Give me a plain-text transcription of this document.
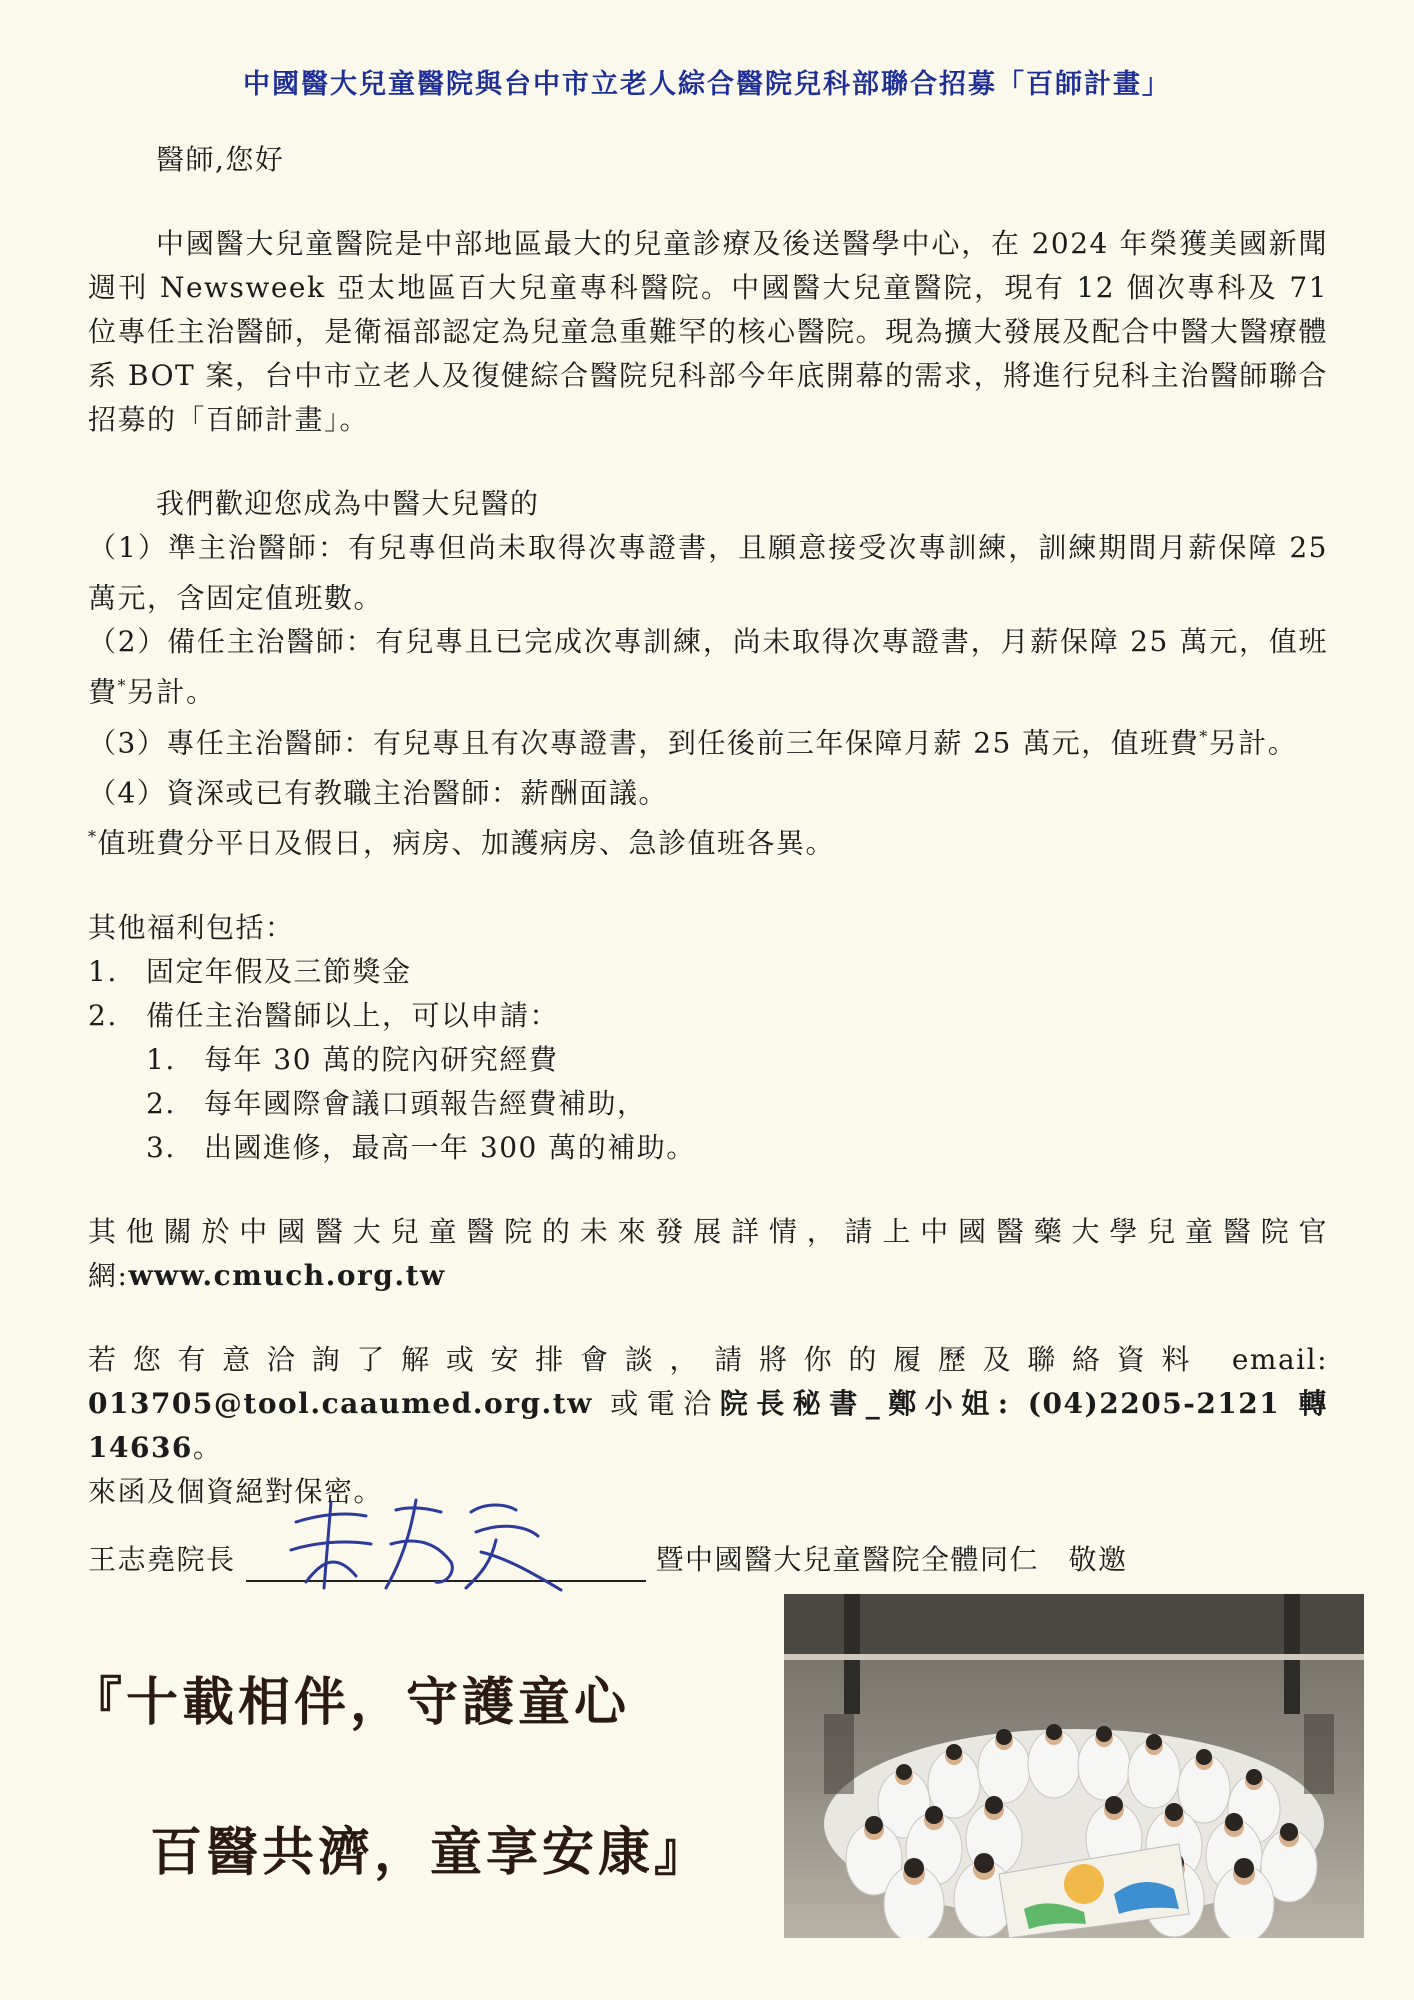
中國醫大兒童醫院與台中市立老人綜合醫院兒科部聯合招募「百師計畫」

醫師,您好

中國醫大兒童醫院是中部地區最大的兒童診療及後送醫學中心，在 2024 年榮獲美國新聞週刊 Newsweek 亞太地區百大兒童專科醫院。中國醫大兒童醫院，現有 12 個次專科及 71 位專任主治醫師，是衛福部認定為兒童急重難罕的核心醫院。現為擴大發展及配合中醫大醫療體系 BOT 案，台中市立老人及復健綜合醫院兒科部今年底開幕的需求，將進行兒科主治醫師聯合招募的「百師計畫」。

我們歡迎您成為中醫大兒醫的

（1）準主治醫師：有兒專但尚未取得次專證書，且願意接受次專訓練，訓練期間月薪保障 25 萬元，含固定值班數。

（2）備任主治醫師：有兒專且已完成次專訓練，尚未取得次專證書，月薪保障 25 萬元，值班費*另計。

（3）專任主治醫師：有兒專且有次專證書，到任後前三年保障月薪 25 萬元，值班費*另計。

（4）資深或已有教職主治醫師：薪酬面議。

*值班費分平日及假日，病房、加護病房、急診值班各異。

其他福利包括：

1.	固定年假及三節獎金
2.	備任主治醫師以上，可以申請：
1.	每年 30 萬的院內研究經費
2.	每年國際會議口頭報告經費補助，
3.	出國進修，最高一年 300 萬的補助。

其他關於中國醫大兒童醫院的未來發展詳情，請上中國醫藥大學兒童醫院官網:www.cmuch.org.tw

若您有意洽詢了解或安排會談，請將你的履歷及聯絡資料 email: 013705@tool.caaumed.org.tw 或電洽院長秘書_鄭小姐: (04)2205-2121 轉 14636。

來函及個資絕對保密。

王志堯院長	暨中國醫大兒童醫院全體同仁　敬邀
『十載相伴，守護童心
百醫共濟，童享安康』
